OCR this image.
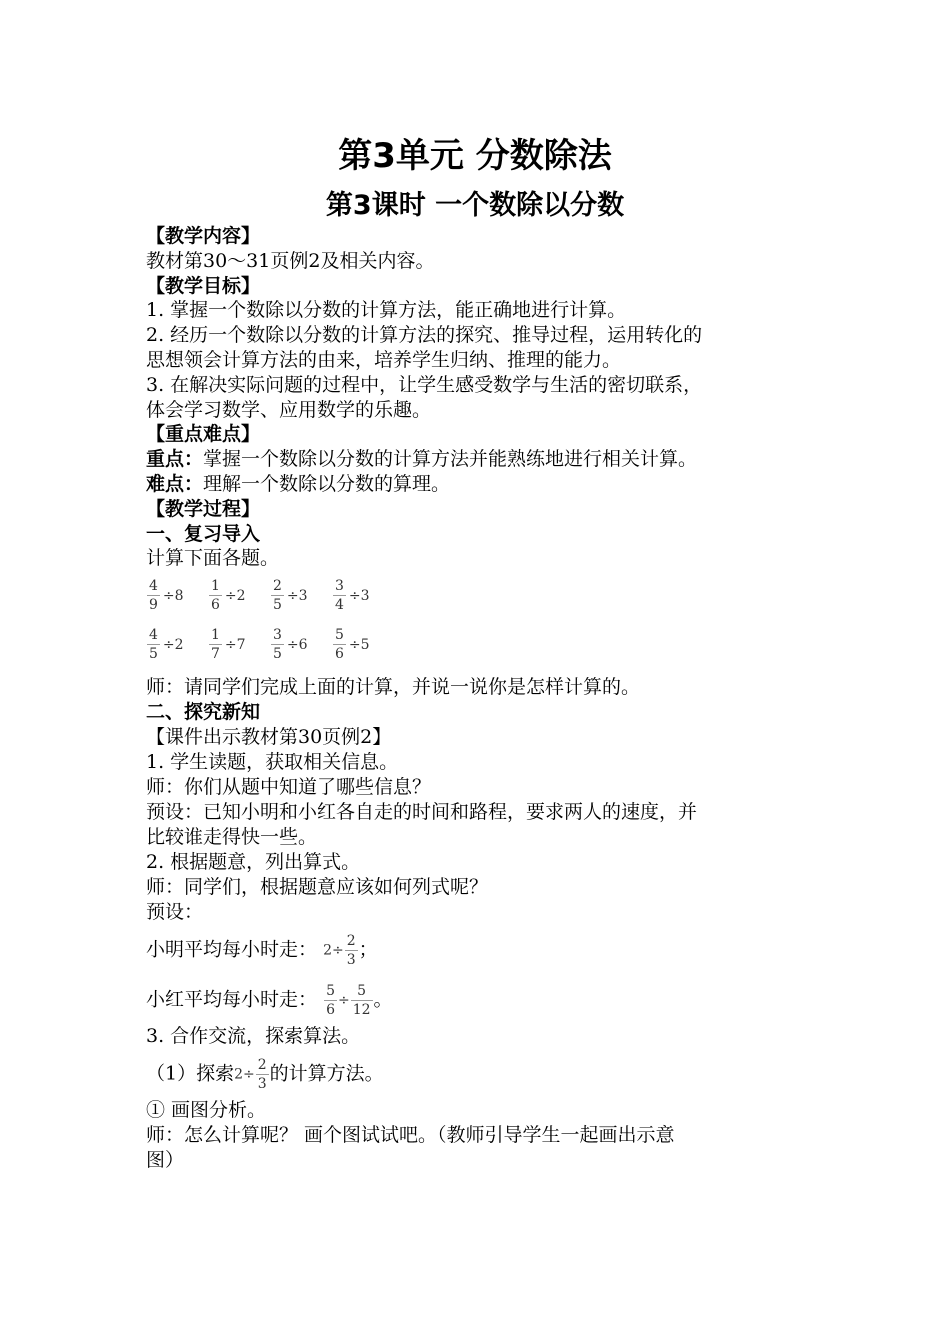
第3单元 分数除法
第3课时 一个数除以分数
【教学内容】
教材第30～31页例2及相关内容。
【教学目标】
1. 掌握一个数除以分数的计算方法，能正确地进行计算。
2. 经历一个数除以分数的计算方法的探究、推导过程，运用转化的
思想领会计算方法的由来，培养学生归纳、推理的能力。
3. 在解决实际问题的过程中，让学生感受数学与生活的密切联系，
体会学习数学、应用数学的乐趣。
【重点难点】
重点：掌握一个数除以分数的计算方法并能熟练地进行相关计算。
难点：理解一个数除以分数的算理。
【教学过程】
一、复习导入
计算下面各题。
$\frac{4}{9} \div 8 \frac{1}{6} \div 2 \frac{2}{5} \div 3 \frac{3}{4} \div 3$
$\frac{4}{5} \div 2 \frac{1}{7} \div 7 \frac{3}{5} \div 6 \frac{5}{6} \div 5$
师：请同学们完成上面的计算，并说一说你是怎样计算的。
二、探究新知
【课件出示教材第30页例2】
1. 学生读题，获取相关信息。
师：你们从题中知道了哪些信息？
预设：已知小明和小红各自走的时间和路程，要求两人的速度，并
比较谁走得快一些。
2. 根据题意，列出算式。
师：同学们，根据题意应该如何列式呢？
预设：
小明平均每小时走： $2\div \frac{2}{3}$ ；
小红平均每小时走： $\frac{5}{6} \div \frac{5}{12}$ 。
3. 合作交流，探索算法。
（1）探索$2\div \frac{2}{3}$ 的计算方法。
① 画图分析。
师：怎么计算呢？ 画个图试试吧。（教师引导学生一起画出示意
图）
